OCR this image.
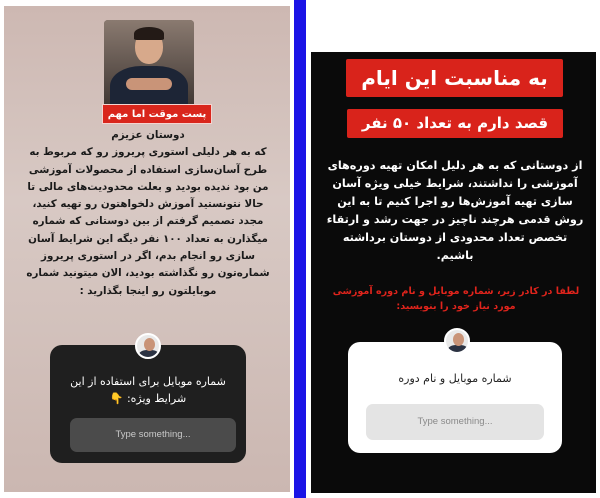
پست موقت اما مهم
دوستان عزیزم
که به هر دلیلی استوری پریروز رو که مربوط به طرح آسان‌سازی استفاده از محصولات آموزشی من بود ندیده بودید و بعلت محدودیت‌های مالی تا حالا نتونستید آموزش دلخواهتون رو تهیه کنید، مجدد تصمیم گرفتم از بین دوستانی که شماره میگذارن به تعداد ۱۰۰ نفر دیگه این شرایط آسان سازی رو انجام بدم، اگر در استوری پریروز شماره‌تون رو نگذاشته بودید، الان میتونید شماره موبایلتون رو اینجا بگذارید :
شماره موبایل برای استفاده از این شرایط ویژه: 👇
Type something...
به مناسبت این ایام
قصد دارم به تعداد ۵۰ نفر
از دوستانی که به هر دلیل امکان تهیه دوره‌های آموزشی را نداشتند، شرایط خیلی ویژه آسان سازی تهیه آموزش‌ها رو اجرا کنیم تا به این روش قدمی هرچند ناچیز در جهت رشد و ارتقاء تخصص تعداد محدودی از دوستان برداشته باشیم.
لطفا در کادر زیر، شماره موبایل و نام دوره آموزشی مورد نیاز خود را بنویسید:
شماره موبایل و نام دوره
Type something...
